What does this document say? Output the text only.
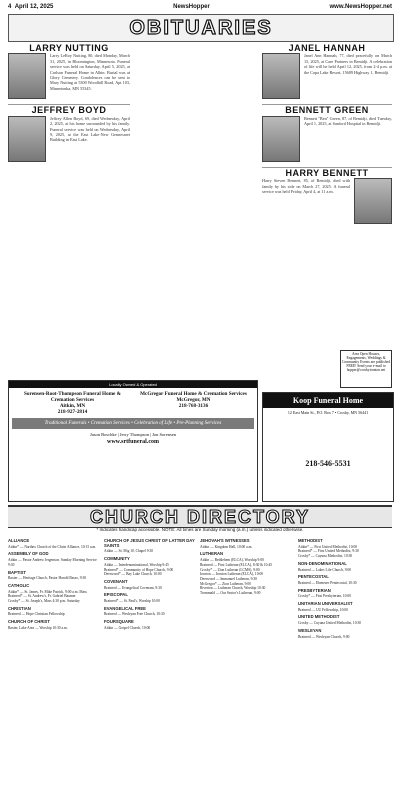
4 April 12, 2025	NewsHopper	www.NewsHopper.net
OBITUARIES
LARRY NUTTING
Larry LeRoy Nutting, 80, died Monday, March 31, 2025, in Bloomington, Minnesota. Funeral service was held on Saturday, April 5, 2025, at Carlson Funeral Home in Albin. Burial was at Glory Cemetery. Condolences can be sent to Mary Nutting at 5300 Woodhill Road, Apt 103, Minnetonka, MN 55345.
JEFFREY BOYD
Jeffrey Allen Boyd, 69, died Wednesday, April 2, 2025, at his home surrounded by his family. Funeral service was held on Wednesday, April 9, 2025, at the East Lake-New Gennesaret Building in East Lake.

JANEL HANNAH
Janel Ann Hannah, 77, died peacefully on March 15, 2025, at Care Partners in Bemidji. A celebration of life will be held April 12, 2025, from 2-4 p.m. at the Copa Lake Resort, 15689 Highway 1, Bemidji.
BENNETT GREEN
Bennett "Ben" Green, 87, of Bemidji, died Tuesday, April 1, 2025, at Sanford Hospital in Bemidji.
HARRY BENNETT
Harry Steven Bennett, 85, of Bemidji, died with family by his side on March 27, 2025. A funeral service was held Friday, April 4, at 11 a.m.
Locally Owned & Operated
Sorensen-Root-Thompson Funeral Home & Cremation Services
Aitkin, MN
218-927-2814
McGregor Funeral Home & Cremation Services
McGregor, MN
218-768-3136
Traditional Funerals • Cremation Services • Celebration of Life • Pre-Planning Services
Jason Boschke | Jerry Thompson | Jon Sorensen
www.srtfuneral.com
Koop Funeral Home
12 East Main St., P.O. Box 7 • Crosby, MN 56441
218-546-5531
Area Open Houses, Engagements, Weddings & Community Events are published FREE! Send your e-mail to hopper@crosbyironton.net
CHURCH DIRECTORY
* Indicates handicap accessible. NOTE: All times are Sunday morning (a.m.) unless indicated otherwise.
ALLIANCE
Aitkin* — Narthex Church of the Christ Alliance, 10:15 a.m.
ASSEMBLY OF GOD
Aitkin — Pastor Andrew Jergenson. Sunday Morning Service 9:30
BAPTIST
Baxter — Heritage Church, Pastor Harold Basso, 9:30
CATHOLIC
Aitkin* — St. James, Fr. Mike Patrick, 9:00 a.m. Mass
Brainerd* — St. Andrew's, Fr. Gabriel Baumer
Crosby* — St. Joseph's, Mass 4:30 p.m. Saturday
CHRISTIAN
Brainerd — Hope Christian Fellowship
CHURCH OF CHRIST
Baxter, Lake Area — Worship 10:30 a.m.
CHURCH OF JESUS CHRIST OF LATTER DAY SAINTS
Aitkin — Sr. Mtg 10, Chapel 9:30
COMMUNITY
Aitkin — Interdenominational, Worship 9:45
Brainerd* — Community of Hope Church, 9:00
Deerwood* — Bay Lake Church, 10:00
COVENANT
Brainerd — Evangelical Covenant, 9:30
EPISCOPAL
Brainerd* — St. Paul's, Worship 10:00
EVANGELICAL FREE
Brainerd — Wesleyan Free Church, 10:30
FOURSQUARE
Aitkin — Gospel Church, 10:00
JEHOVAH'S WITNESSES
Aitkin — Kingdom Hall, 10:00 a.m.
LUTHERAN
Aitkin — Bethlehem (ELCA), Worship 9:00
Brainerd — First Lutheran (ELCA), 8:30 & 10:45
Crosby* — Zion Lutheran (LCMS), 9:00
Ironton — Ironton Lutheran (ELCA), 10:00
Deerwood — Immanuel Lutheran, 9:30
McGregor* — Zion Lutheran, 9:00
Riverton — Lutheran Church, Worship 10:30
Trommald — Our Savior's Lutheran, 9:00
METHODIST
Aitkin* — First United Methodist, 10:00
Brainerd* — First United Methodist, 9:30
Crosby* — Cuyuna Methodist, 10:30
NON-DENOMINATIONAL
Brainerd — Lakes Life Church, 9:00
PENTECOSTAL
Brainerd — Ebenezer Pentecostal, 10:30
PRESBYTERIAN
Crosby* — First Presbyterian, 10:00
UNITARIAN UNIVERSALIST
Brainerd — UU Fellowship, 10:00
UNITED METHODIST
Crosby — Cuyuna United Methodist, 10:30
WESLEYAN
Brainerd — Wesleyan Church, 9:00
